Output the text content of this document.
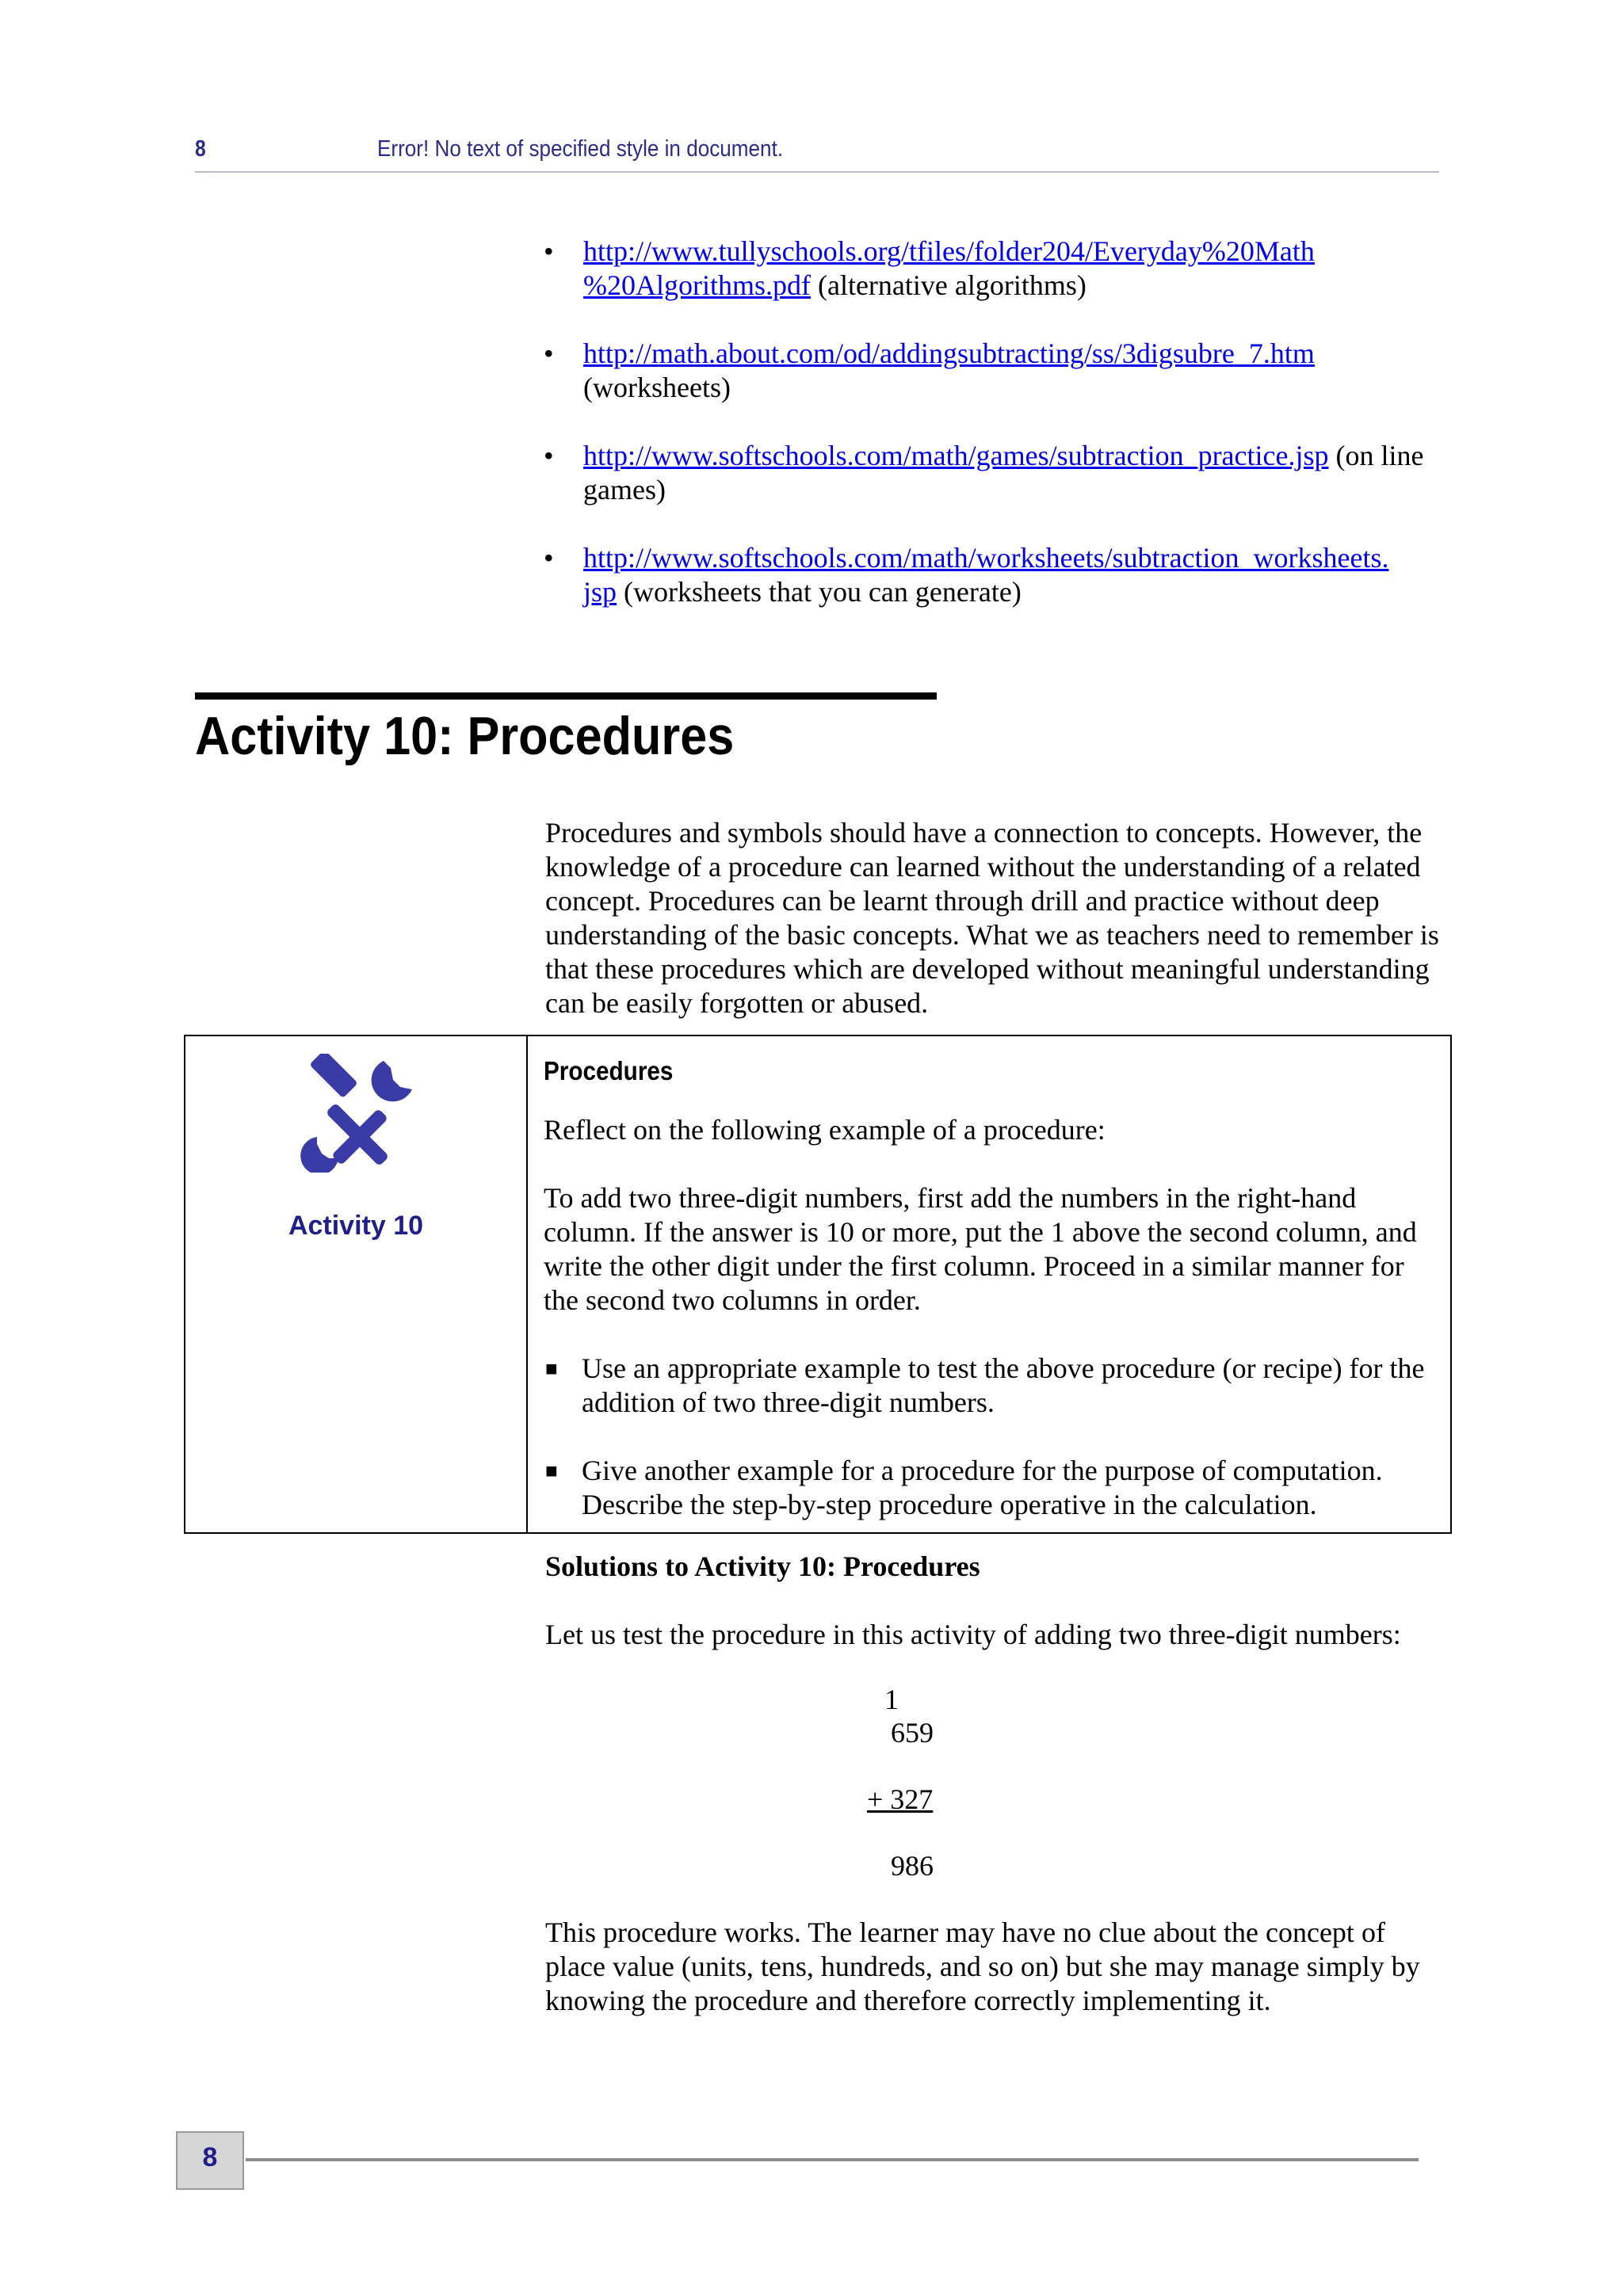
8	Error! No text of specified style in document.
• http://www.tullyschools.org/tfiles/folder204/Everyday%20Math
%20Algorithms.pdf (alternative algorithms)
• http://math.about.com/od/addingsubtracting/ss/3digsubre_7.htm
(worksheets)
• http://www.softschools.com/math/games/subtraction_practice.jsp (on line games)
• http://www.softschools.com/math/worksheets/subtraction_worksheets.
jsp (worksheets that you can generate)
Activity 10: Procedures

Procedures and symbols should have a connection to concepts. However, the knowledge of a procedure can learned without the understanding of a related concept. Procedures can be learnt through drill and practice without deep understanding of the basic concepts. What we as teachers need to remember is that these procedures which are developed without meaningful understanding can be easily forgotten or abused.

Activity 10
Procedures

Reflect on the following example of a procedure:

To add two three-digit numbers, first add the numbers in the right-hand column. If the answer is 10 or more, put the 1 above the second column, and write the other digit under the first column. Proceed in a similar manner for the second two columns in order.

■ Use an appropriate example to test the above procedure (or recipe) for the addition of two three-digit numbers.
■ Give another example for a procedure for the purpose of computation. Describe the step-by-step procedure operative in the calculation.
Solutions to Activity 10: Procedures

Let us test the procedure in this activity of adding two three-digit numbers:

1
659
+ 327
986

This procedure works. The learner may have no clue about the concept of place value (units, tens, hundreds, and so on) but she may manage simply by knowing the procedure and therefore correctly implementing it.

8
